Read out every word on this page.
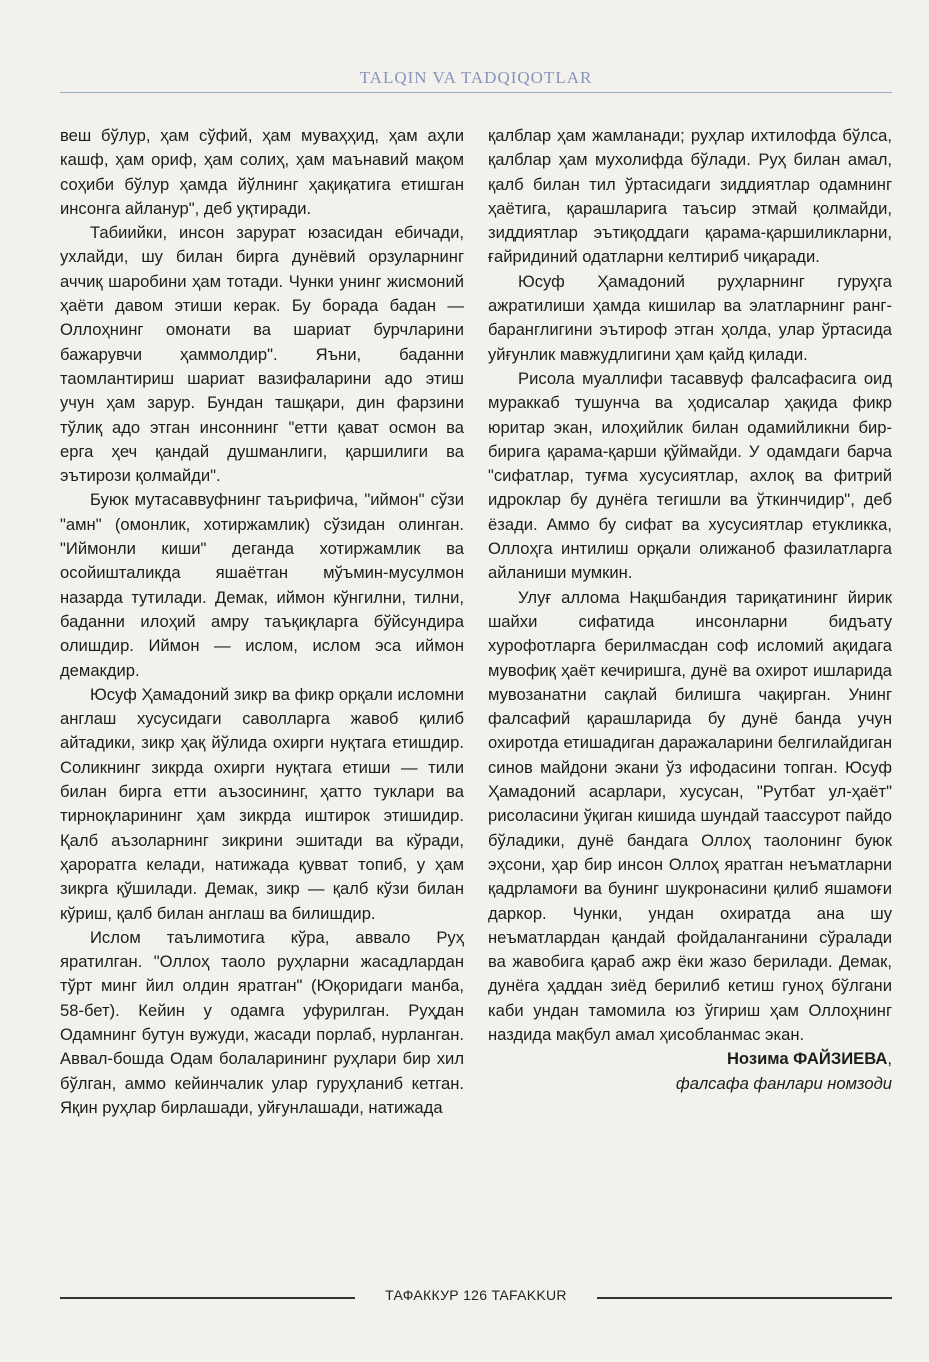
TALQIN VA TADQIQOTLAR

веш бўлур, ҳам сўфий, ҳам муваҳҳид, ҳам аҳли кашф, ҳам ориф, ҳам солиҳ, ҳам маънавий мақом соҳиби бўлур ҳамда йўлнинг ҳақиқатига етишган инсонга айланур", деб уқтиради.

Табиийки, инсон зарурат юзасидан ебичади, ухлайди, шу билан бирга дунёвий орзуларнинг аччиқ шаробини ҳам тотади. Чунки унинг жисмоний ҳаёти давом этиши керак. Бу борада бадан — Оллоҳнинг омонати ва шариат бурчларини бажарувчи ҳаммолдир". Яъни, баданни таомлантириш шариат вазифаларини адо этиш учун ҳам зарур. Бундан ташқари, дин фарзини тўлиқ адо этган инсоннинг "етти қават осмон ва ерга ҳеч қандай душманлиги, қаршилиги ва эътирози қолмайди".

Буюк мутасаввуфнинг таърифича, "иймон" сўзи "амн" (омонлик, хотиржамлик) сўзидан олинган. "Иймонли киши" деганда хотиржамлик ва осойишталикда яшаётган мўъмин-мусулмон назарда тутилади. Демак, иймон кўнгилни, тилни, баданни илоҳий амру таъқиқларга бўйсундира олишдир. Иймон — ислом, ислом эса иймон демакдир.

Юсуф Ҳамадоний зикр ва фикр орқали исломни англаш хусусидаги саволларга жавоб қилиб айтадики, зикр ҳақ йўлида охирги нуқтага етишдир. Соликнинг зикрда охирги нуқтага етиши — тили билан бирга етти аъзосининг, ҳатто туклари ва тирноқларининг ҳам зикрда иштирок этишидир. Қалб аъзоларнинг зикрини эшитади ва кўради, ҳароратга келади, натижада қувват топиб, у ҳам зикрга қўшилади. Демак, зикр — қалб кўзи билан кўриш, қалб билан англаш ва билишдир.

Ислом таълимотига кўра, аввало Руҳ яратилган. "Оллоҳ таоло руҳларни жасадлардан тўрт минг йил олдин яратган" (Юқоридаги манба, 58-бет). Кейин у одамга уфурилган. Руҳдан Одамнинг бутун вужуди, жасади порлаб, нурланган. Аввал-бошда Одам болаларининг руҳлари бир хил бўлган, аммо кейинчалик улар гуруҳланиб кетган. Яқин руҳлар бирлашади, уйғунлашади, натижада

қалблар ҳам жамланади; руҳлар ихтилофда бўлса, қалблар ҳам мухолифда бўлади. Руҳ билан амал, қалб билан тил ўртасидаги зиддиятлар одамнинг ҳаётига, қарашларига таъсир этмай қолмайди, зиддиятлар эътиқоддаги қарама-қаршиликларни, ғайридиний одатларни келтириб чиқаради.

Юсуф Ҳамадоний руҳларнинг гуруҳга ажратилиши ҳамда кишилар ва элатларнинг ранг-баранглигини эътироф этган ҳолда, улар ўртасида уйғунлик мавжудлигини ҳам қайд қилади.

Рисола муаллифи тасаввуф фалсафасига оид мураккаб тушунча ва ҳодисалар ҳақида фикр юритар экан, илоҳийлик билан одамийликни бир-бирига қарама-қарши қўймайди. У одамдаги барча "сифатлар, туғма хусусиятлар, ахлоқ ва фитрий идроклар бу дунёга тегишли ва ўткинчидир", деб ёзади. Аммо бу сифат ва хусусиятлар етукликка, Оллоҳга интилиш орқали олижаноб фазилатларга айланиши мумкин.

Улуғ аллома Нақшбандия тариқатининг йирик шайхи сифатида инсонларни бидъату хурофотларга берилмасдан соф исломий ақидага мувофиқ ҳаёт кечиришга, дунё ва охирот ишларида мувозанатни сақлай билишга чақирган. Унинг фалсафий қарашларида бу дунё банда учун охиротда етишадиган даражаларини белгилайдиган синов майдони экани ўз ифодасини топган. Юсуф Ҳамадоний асарлари, хусусан, "Рутбат ул-ҳаёт" рисоласини ўқиган кишида шундай таассурот пайдо бўладики, дунё бандага Оллоҳ таолонинг буюк эҳсони, ҳар бир инсон Оллоҳ яратган неъматларни қадрламоғи ва бунинг шукронасини қилиб яшамоғи даркор. Чунки, ундан охиратда ана шу неъматлардан қандай фойдаланганини сўралади ва жавобига қараб ажр ёки жазо берилади. Демак, дунёга ҳаддан зиёд берилиб кетиш гуноҳ бўлгани каби ундан тамомила юз ўгириш ҳам Оллоҳнинг наздида мақбул амал ҳисобланмас экан.

Нозима ФАЙЗИЕВА,
фалсафа фанлари номзоди

ТАФАККУР 126 TAFAKKUR
